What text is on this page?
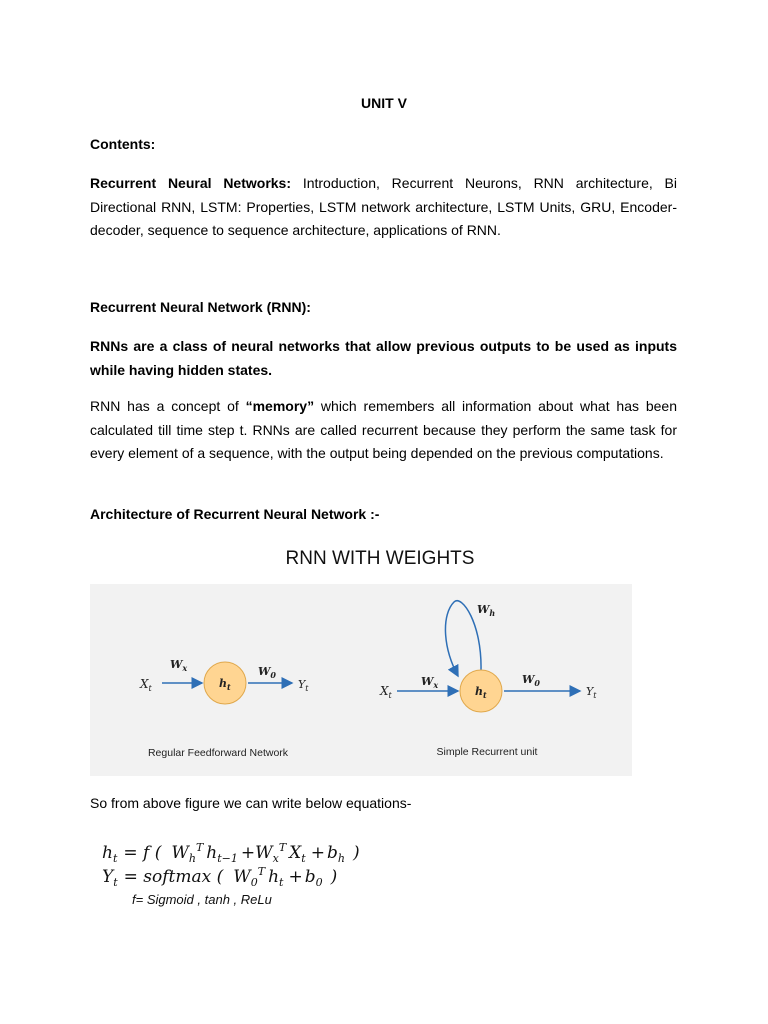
UNIT V
Contents:
Recurrent Neural Networks: Introduction, Recurrent Neurons, RNN architecture, Bi Directional RNN, LSTM: Properties, LSTM network architecture, LSTM Units, GRU, Encoder-decoder, sequence to sequence architecture, applications of RNN.
Recurrent Neural Network (RNN):
RNNs are a class of neural networks that allow previous outputs to be used as inputs while having hidden states.
RNN has a concept of “memory” which remembers all information about what has been calculated till time step t. RNNs are called recurrent because they perform the same task for every element of a sequence, with the output being depended on the previous computations.
Architecture of Recurrent Neural Network :-
RNN WITH WEIGHTS
$X_t$
$W_x$
$h_t$
$W_0$
$Y_t$
Regular Feedforward Network
$X_t$
$W_x$
$W_h$
$h_t$
$W_0$
$Y_t$
Simple Recurrent unit
So from above figure we can write below equations-
$h_t = f$ ( $W_h^T$ $h_{t-1} +W_x^T$ $X_t + b_h$ )
$Y_t$ = softmax ( $W_0^T$ $h_t + b_0$ )
f= Sigmoid , tanh , ReLu
